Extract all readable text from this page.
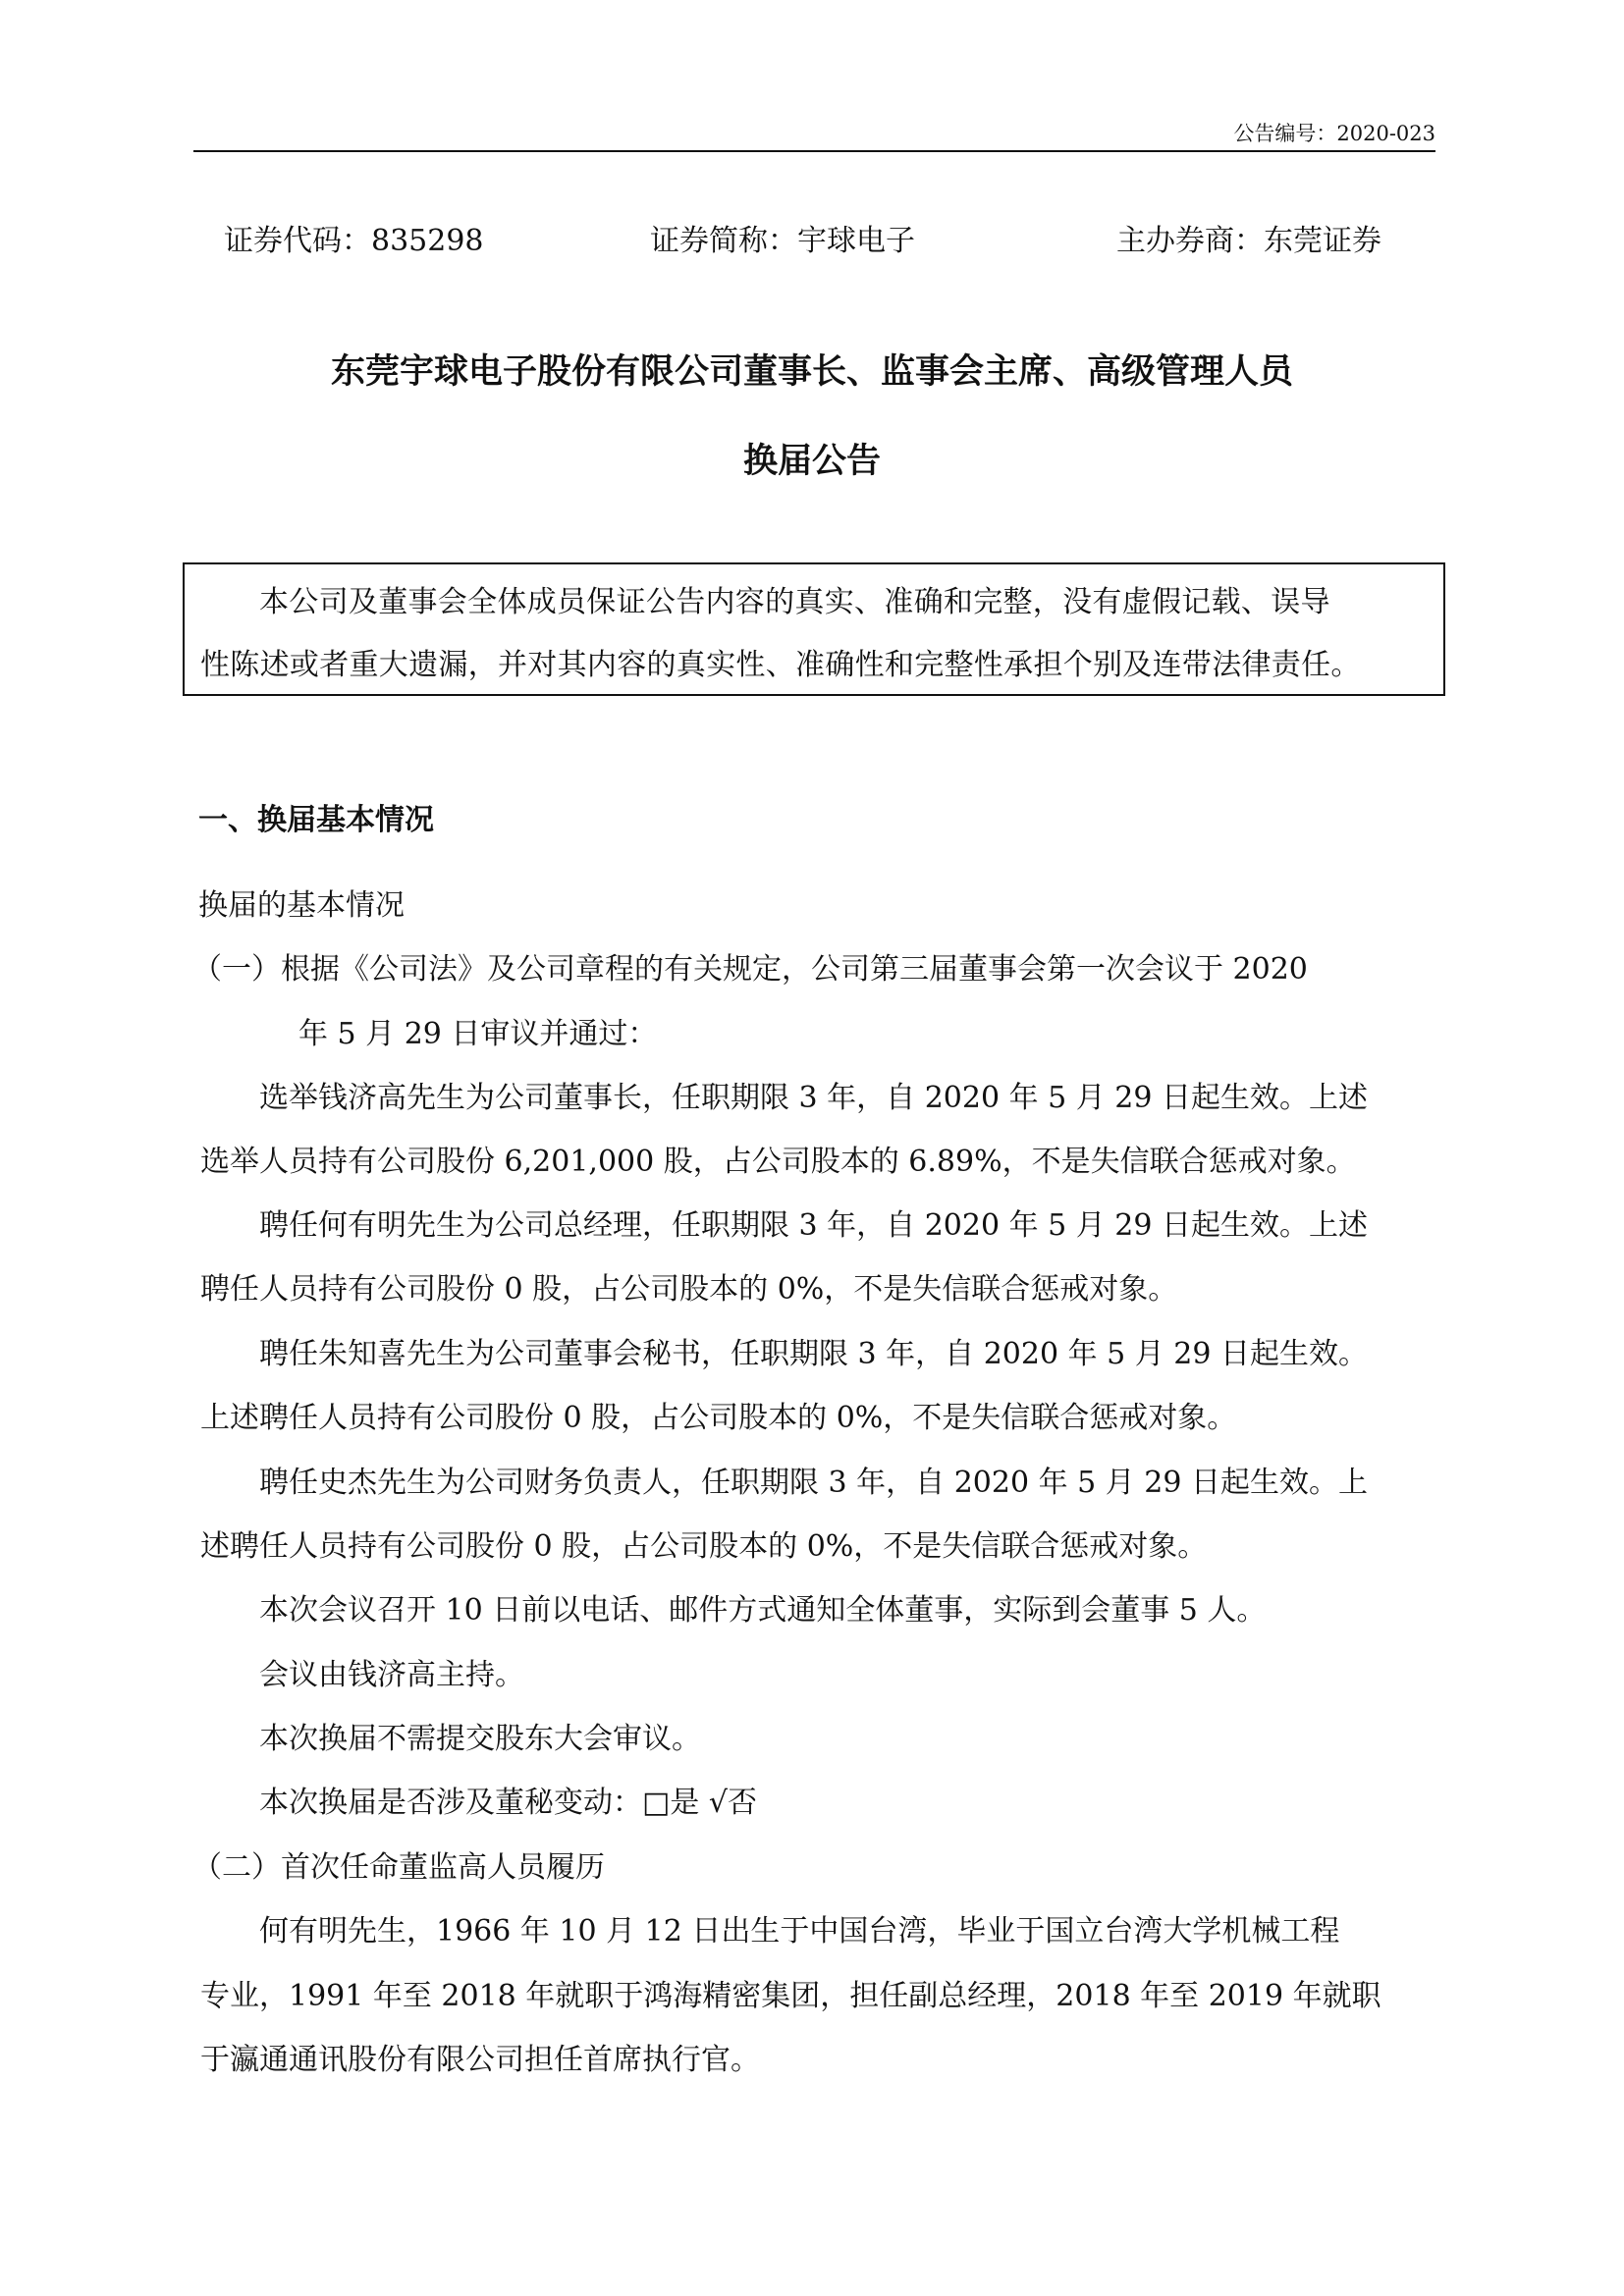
公告编号：2020-023
证券代码：835298	证券简称：宇球电子	主办券商：东莞证券
东莞宇球电子股份有限公司董事长、监事会主席、高级管理人员
换届公告
本公司及董事会全体成员保证公告内容的真实、准确和完整，没有虚假记载、误导
性陈述或者重大遗漏，并对其内容的真实性、准确性和完整性承担个别及连带法律责任。
一、换届基本情况
换届的基本情况
（一）根据《公司法》及公司章程的有关规定，公司第三届董事会第一次会议于 2020
年 5 月 29 日审议并通过：
选举钱济高先生为公司董事长，任职期限 3 年，自 2020 年 5 月 29 日起生效。上述
选举人员持有公司股份 6,201,000 股，占公司股本的 6.89%，不是失信联合惩戒对象。
聘任何有明先生为公司总经理，任职期限 3 年，自 2020 年 5 月 29 日起生效。上述
聘任人员持有公司股份 0 股，占公司股本的 0%，不是失信联合惩戒对象。
聘任朱知喜先生为公司董事会秘书，任职期限 3 年，自 2020 年 5 月 29 日起生效。
上述聘任人员持有公司股份 0 股，占公司股本的 0%，不是失信联合惩戒对象。
聘任史杰先生为公司财务负责人，任职期限 3 年，自 2020 年 5 月 29 日起生效。上
述聘任人员持有公司股份 0 股，占公司股本的 0%，不是失信联合惩戒对象。
本次会议召开 10 日前以电话、邮件方式通知全体董事，实际到会董事 5 人。
会议由钱济高主持。
本次换届不需提交股东大会审议。
本次换届是否涉及董秘变动：□是 √否
（二）首次任命董监高人员履历
何有明先生，1966 年 10 月 12 日出生于中国台湾，毕业于国立台湾大学机械工程
专业，1991 年至 2018 年就职于鸿海精密集团，担任副总经理，2018 年至 2019 年就职
于瀛通通讯股份有限公司担任首席执行官。
